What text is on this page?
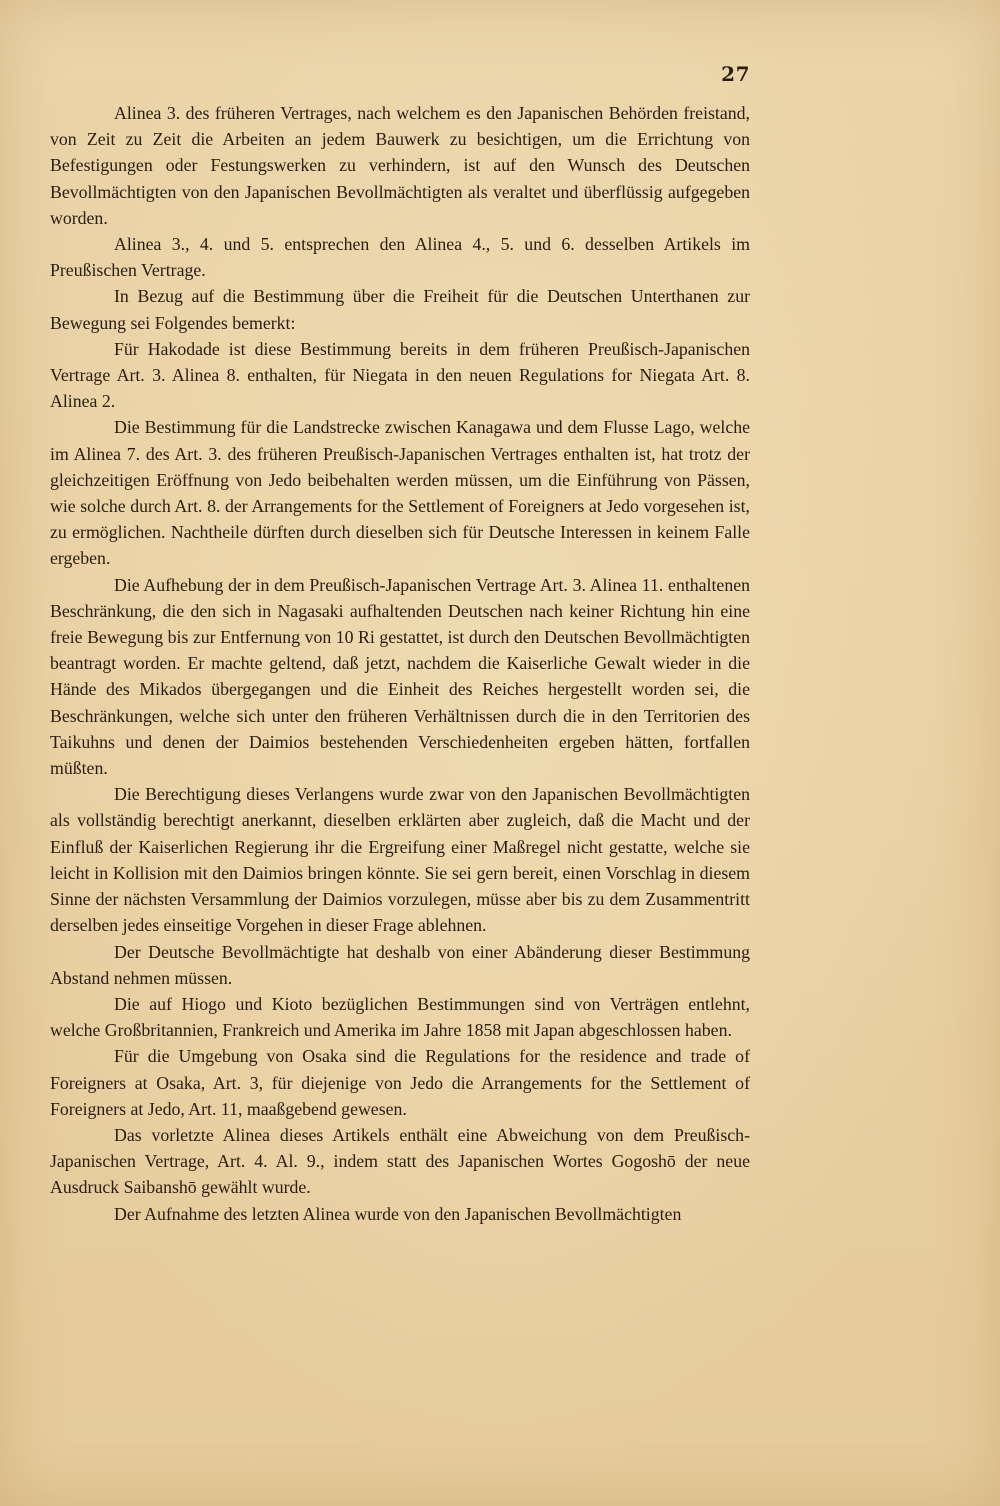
27

Alinea 3. des früheren Vertrages, nach welchem es den Japanischen Behörden freistand, von Zeit zu Zeit die Arbeiten an jedem Bauwerk zu besichtigen, um die Errichtung von Befestigungen oder Festungswerken zu verhindern, ist auf den Wunsch des Deutschen Bevollmächtigten von den Japanischen Bevollmächtigten als veraltet und überflüssig aufgegeben worden.

Alinea 3., 4. und 5. entsprechen den Alinea 4., 5. und 6. desselben Artikels im Preußischen Vertrage.

In Bezug auf die Bestimmung über die Freiheit für die Deutschen Unterthanen zur Bewegung sei Folgendes bemerkt:

Für Hakodade ist diese Bestimmung bereits in dem früheren Preußisch-Japanischen Vertrage Art. 3. Alinea 8. enthalten, für Niegata in den neuen Regulations for Niegata Art. 8. Alinea 2.

Die Bestimmung für die Landstrecke zwischen Kanagawa und dem Flusse Lago, welche im Alinea 7. des Art. 3. des früheren Preußisch-Japanischen Vertrages enthalten ist, hat trotz der gleichzeitigen Eröffnung von Jedo beibehalten werden müssen, um die Einführung von Pässen, wie solche durch Art. 8. der Arrangements for the Settlement of Foreigners at Jedo vorgesehen ist, zu ermöglichen. Nachtheile dürften durch dieselben sich für Deutsche Interessen in keinem Falle ergeben.

Die Aufhebung der in dem Preußisch-Japanischen Vertrage Art. 3. Alinea 11. enthaltenen Beschränkung, die den sich in Nagasaki aufhaltenden Deutschen nach keiner Richtung hin eine freie Bewegung bis zur Entfernung von 10 Ri gestattet, ist durch den Deutschen Bevollmächtigten beantragt worden. Er machte geltend, daß jetzt, nachdem die Kaiserliche Gewalt wieder in die Hände des Mikados übergegangen und die Einheit des Reiches hergestellt worden sei, die Beschränkungen, welche sich unter den früheren Verhältnissen durch die in den Territorien des Taikuhns und denen der Daimios bestehenden Verschiedenheiten ergeben hätten, fortfallen müßten.

Die Berechtigung dieses Verlangens wurde zwar von den Japanischen Bevollmächtigten als vollständig berechtigt anerkannt, dieselben erklärten aber zugleich, daß die Macht und der Einfluß der Kaiserlichen Regierung ihr die Ergreifung einer Maßregel nicht gestatte, welche sie leicht in Kollision mit den Daimios bringen könnte. Sie sei gern bereit, einen Vorschlag in diesem Sinne der nächsten Versammlung der Daimios vorzulegen, müsse aber bis zu dem Zusammentritt derselben jedes einseitige Vorgehen in dieser Frage ablehnen.

Der Deutsche Bevollmächtigte hat deshalb von einer Abänderung dieser Bestimmung Abstand nehmen müssen.

Die auf Hiogo und Kioto bezüglichen Bestimmungen sind von Verträgen entlehnt, welche Großbritannien, Frankreich und Amerika im Jahre 1858 mit Japan abgeschlossen haben.

Für die Umgebung von Osaka sind die Regulations for the residence and trade of Foreigners at Osaka, Art. 3, für diejenige von Jedo die Arrangements for the Settlement of Foreigners at Jedo, Art. 11, maaßgebend gewesen.

Das vorletzte Alinea dieses Artikels enthält eine Abweichung von dem Preußisch-Japanischen Vertrage, Art. 4. Al. 9., indem statt des Japanischen Wortes Gogoshō der neue Ausdruck Saibanshō gewählt wurde.

Der Aufnahme des letzten Alinea wurde von den Japanischen Bevollmächtigten
